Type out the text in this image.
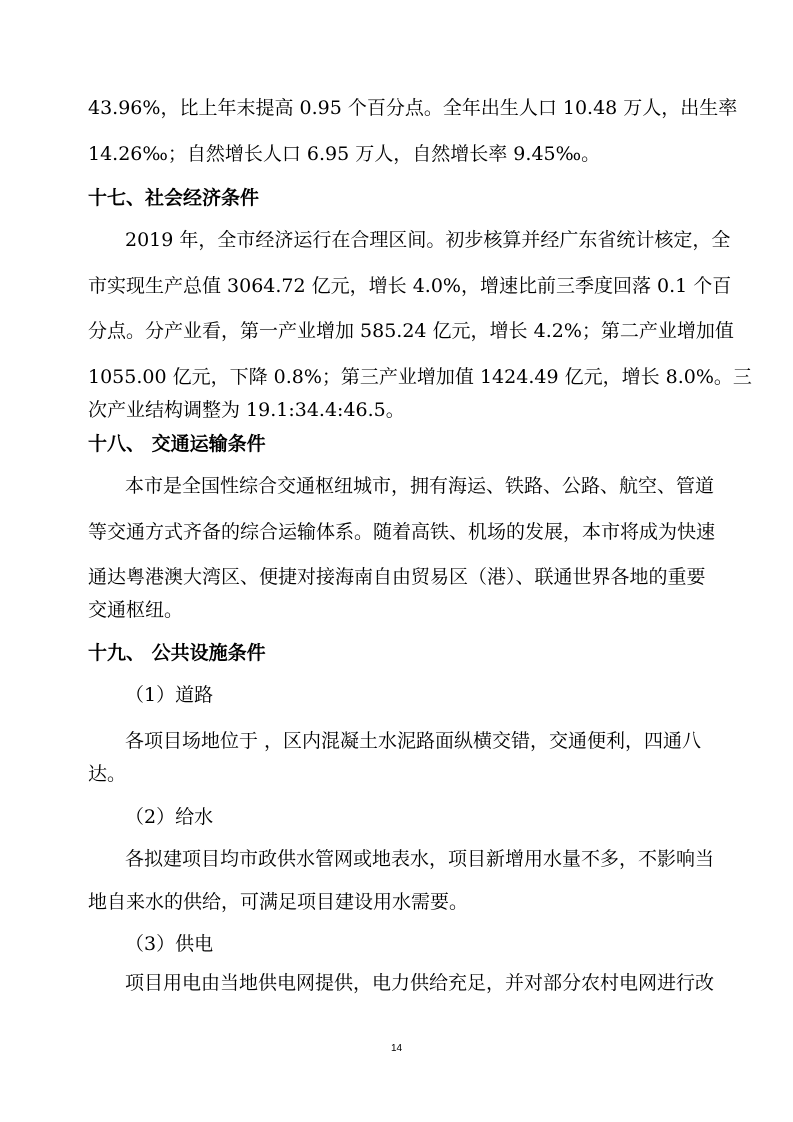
43.96%，比上年末提高 0.95 个百分点。全年出生人口 10.48 万人，出生率
14.26‰；自然增长人口 6.95 万人，自然增长率 9.45‰。
十七、社会经济条件
2019 年，全市经济运行在合理区间。初步核算并经广东省统计核定，全
市实现生产总值 3064.72 亿元，增长 4.0%，增速比前三季度回落 0.1 个百
分点。分产业看，第一产业增加 585.24 亿元，增长 4.2%；第二产业增加值
1055.00 亿元，下降 0.8%；第三产业增加值 1424.49 亿元，增长 8.0%。三
次产业结构调整为 19.1:34.4:46.5。
十八、 交通运输条件
本市是全国性综合交通枢纽城市，拥有海运、铁路、公路、航空、管道
等交通方式齐备的综合运输体系。随着高铁、机场的发展，本市将成为快速
通达粤港澳大湾区、便捷对接海南自由贸易区（港）、联通世界各地的重要
交通枢纽。
十九、 公共设施条件
（1）道路
各项目场地位于 ，区内混凝土水泥路面纵横交错，交通便利，四通八
达。
（2）给水
各拟建项目均市政供水管网或地表水，项目新增用水量不多，不影响当
地自来水的供给，可满足项目建设用水需要。
（3）供电
项目用电由当地供电网提供，电力供给充足，并对部分农村电网进行改
14
